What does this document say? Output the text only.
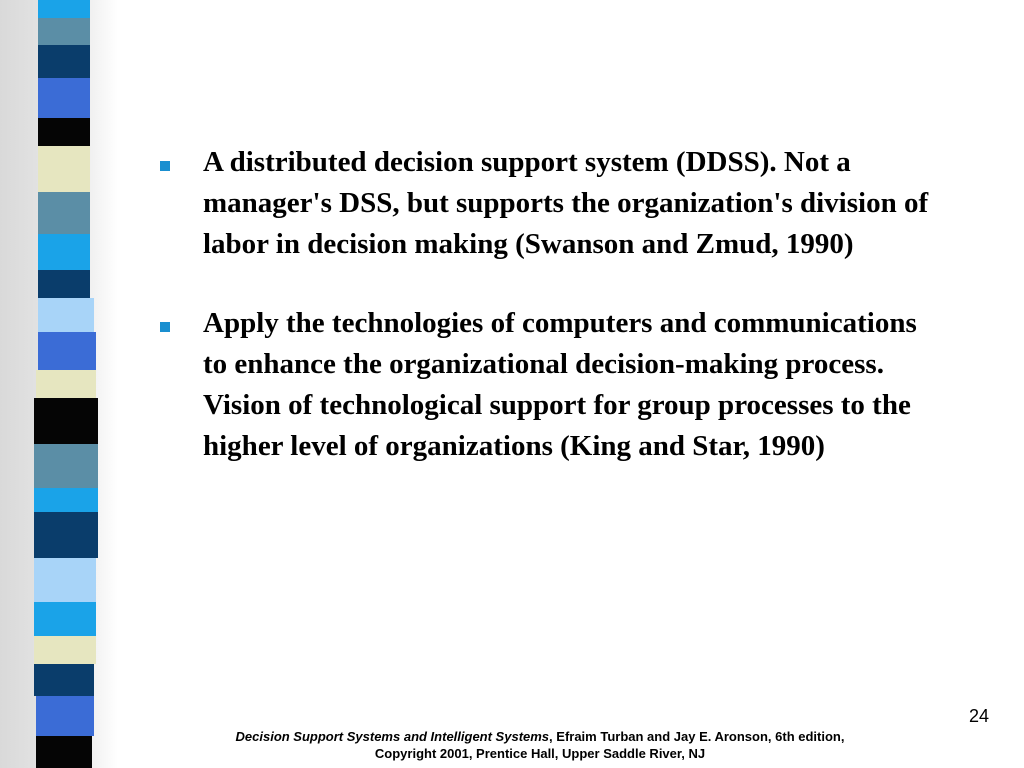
A distributed decision support system (DDSS). Not a manager's DSS, but supports the organization's division of labor in decision making (Swanson and Zmud, 1990)
Apply the technologies of computers and communications to enhance the organizational decision-making process. Vision of technological support for group processes to the higher level of organizations (King and Star, 1990)
24
Decision Support Systems and Intelligent Systems, Efraim Turban and Jay E. Aronson, 6th edition,
Copyright 2001, Prentice Hall, Upper Saddle River, NJ
